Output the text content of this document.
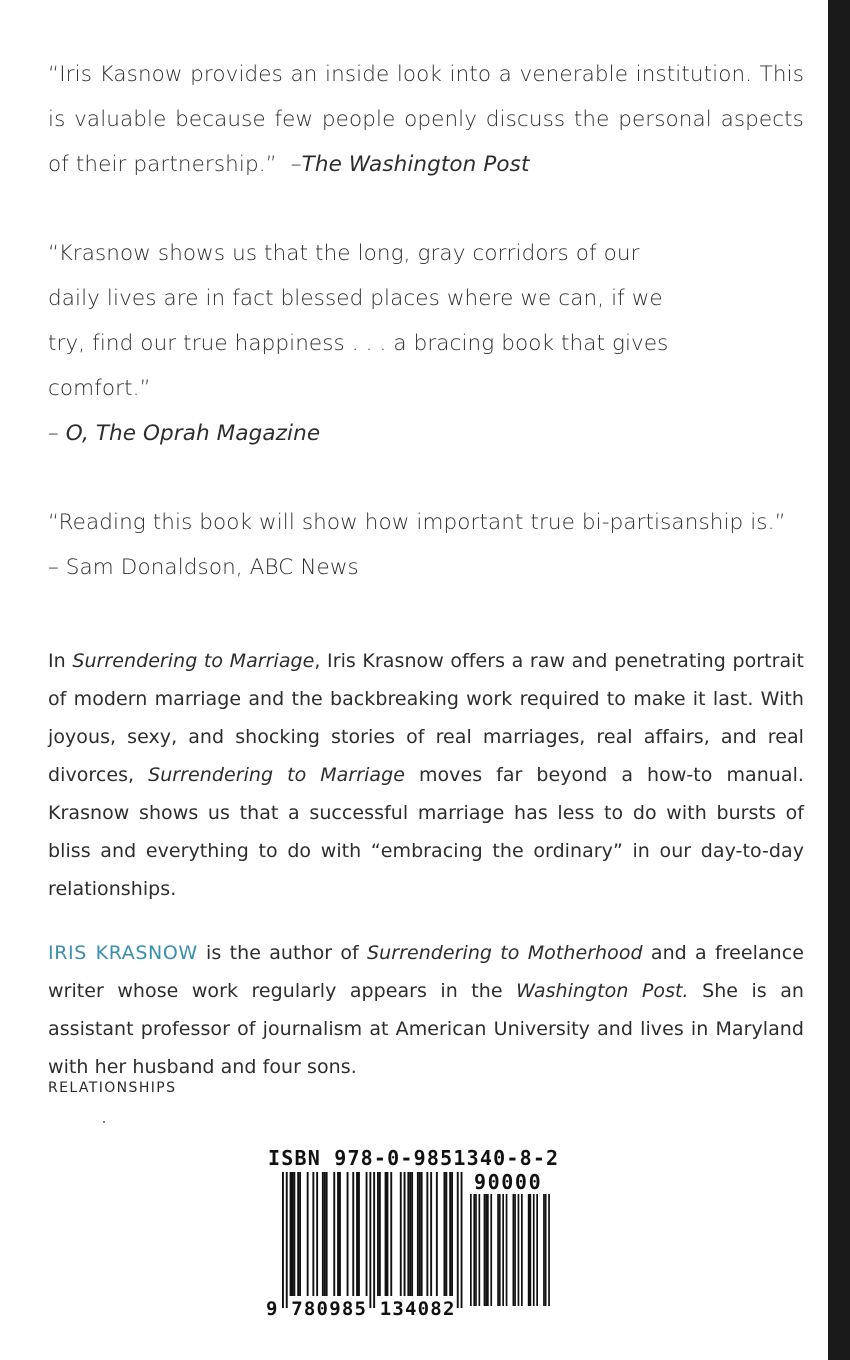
“Iris Kasnow provides an inside look into a venerable institution. This is valuable because few people openly discuss the personal aspects of their partnership.” –The Washington Post
“Krasnow shows us that the long, gray corridors of our daily lives are in fact blessed places where we can, if we try, find our true happiness . . . a bracing book that gives comfort.”
– O, The Oprah Magazine
“Reading this book will show how important true bi-partisanship is.”
– Sam Donaldson, ABC News
In Surrendering to Marriage, Iris Krasnow offers a raw and penetrating portrait of modern marriage and the backbreaking work required to make it last. With joyous, sexy, and shocking stories of real marriages, real affairs, and real divorces, Surrendering to Marriage moves far beyond a how-to manual. Krasnow shows us that a successful marriage has less to do with bursts of bliss and everything to do with “embracing the ordinary” in our day-to-day relationships.
IRIS KRASNOW is the author of Surrendering to Motherhood and a freelance writer whose work regularly appears in the Washington Post. She is an assistant professor of journalism at American University and lives in Maryland with her husband and four sons.
RELATIONSHIPS
ISBN 978-0-9851340-8-2
90000
9 780985 134082
